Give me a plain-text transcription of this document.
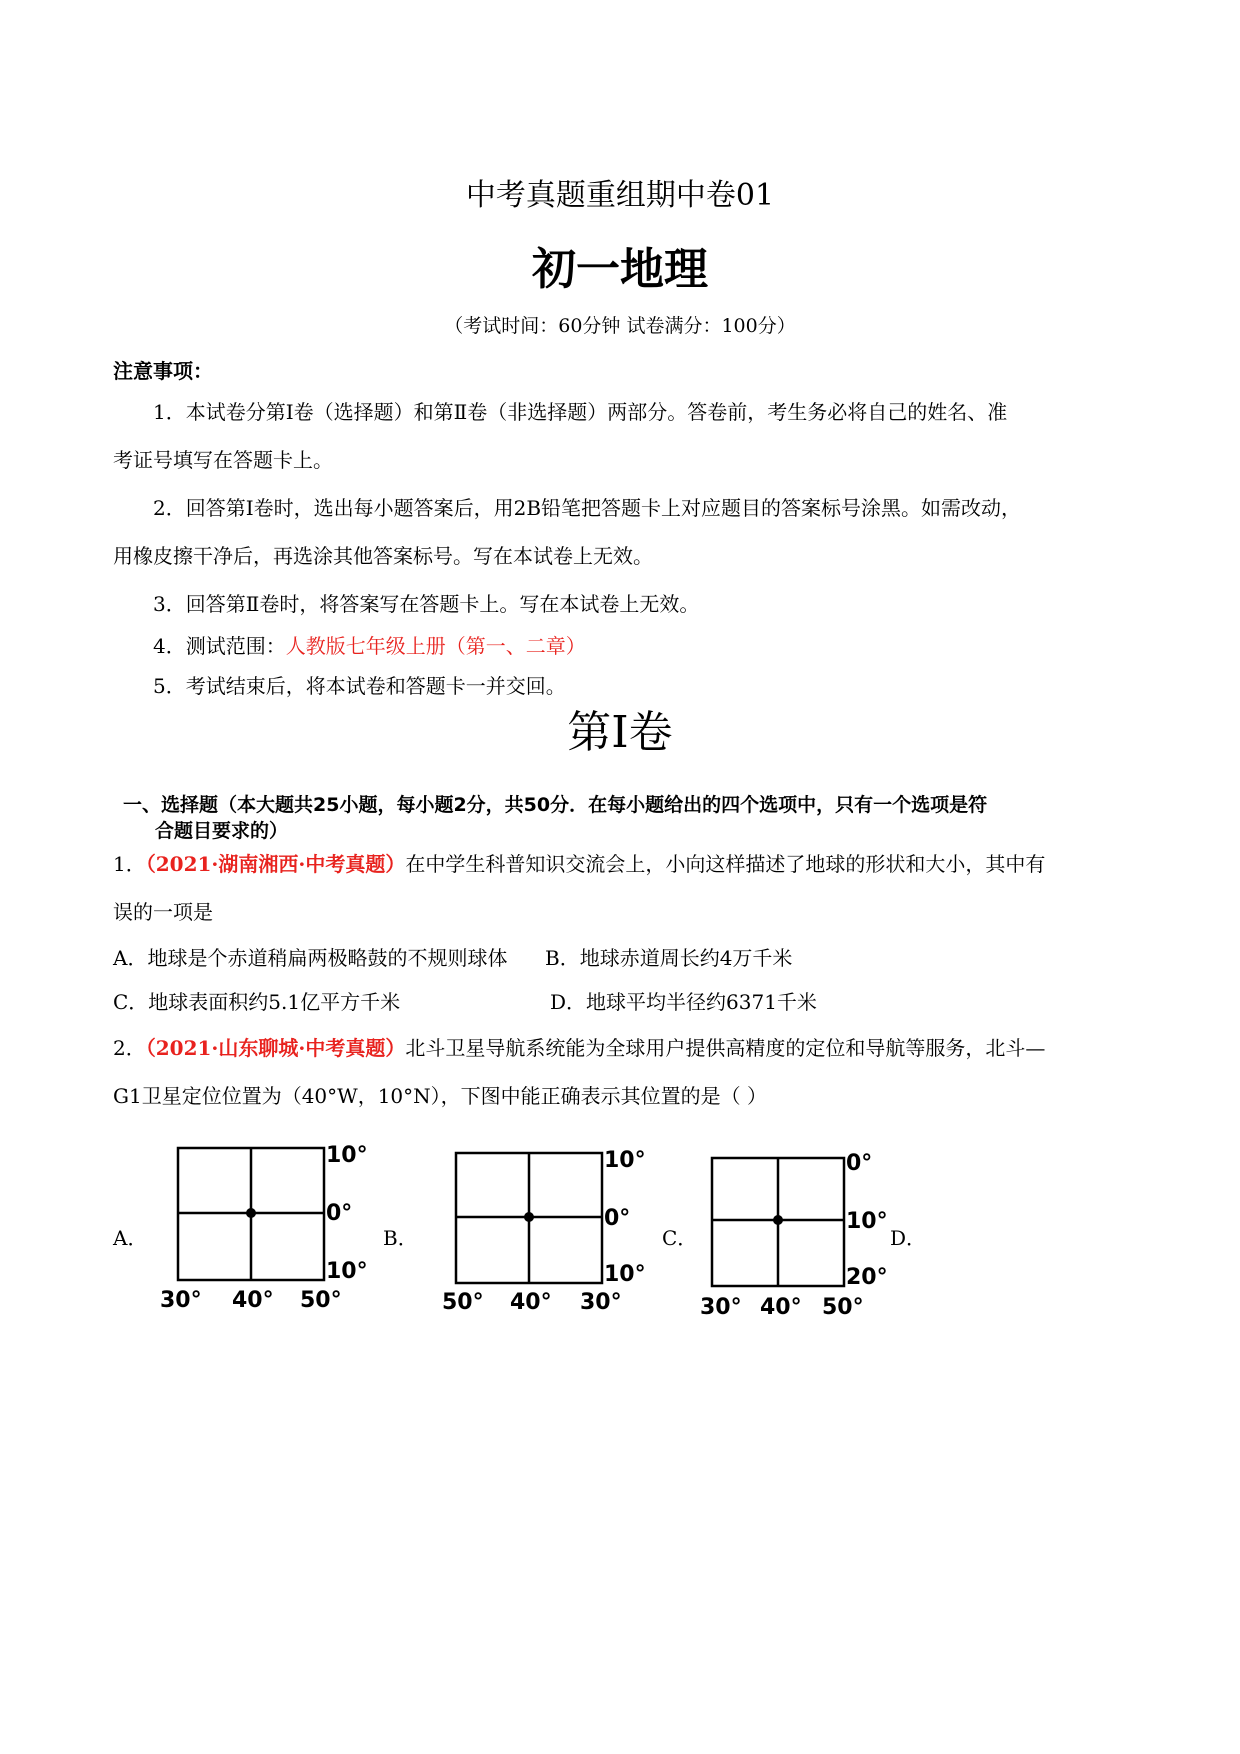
中考真题重组期中卷01
初一地理
（考试时间：60分钟 试卷满分：100分）
注意事项：
1．本试卷分第Ⅰ卷（选择题）和第Ⅱ卷（非选择题）两部分。答卷前，考生务必将自己的姓名、准
考证号填写在答题卡上。
2．回答第Ⅰ卷时，选出每小题答案后，用2B铅笔把答题卡上对应题目的答案标号涂黑。如需改动，
用橡皮擦干净后，再选涂其他答案标号。写在本试卷上无效。
3．回答第Ⅱ卷时，将答案写在答题卡上。写在本试卷上无效。
4．测试范围：人教版七年级上册（第一、二章）
5．考试结束后，将本试卷和答题卡一并交回。
第Ⅰ卷
一、选择题（本大题共25小题，每小题2分，共50分．在每小题给出的四个选项中，只有一个选项是符
合题目要求的）
1．（2021·湖南湘西·中考真题）在中学生科普知识交流会上，小向这样描述了地球的形状和大小，其中有
误的一项是
A．地球是个赤道稍扁两极略鼓的不规则球体 B．地球赤道周长约4万千米
C．地球表面积约5.1亿平方千米	D．地球平均半径约6371千米
2．（2021·山东聊城·中考真题）北斗卫星导航系统能为全球用户提供高精度的定位和导航等服务，北斗—
G1卫星定位位置为（40°W，10°N），下图中能正确表示其位置的是（ ）
A．	B．	C．	D．
10°
0°
10°
30° 40° 50°
10°
0°
10°
50° 40° 30°
0°
10°
20°
30° 40° 50°
